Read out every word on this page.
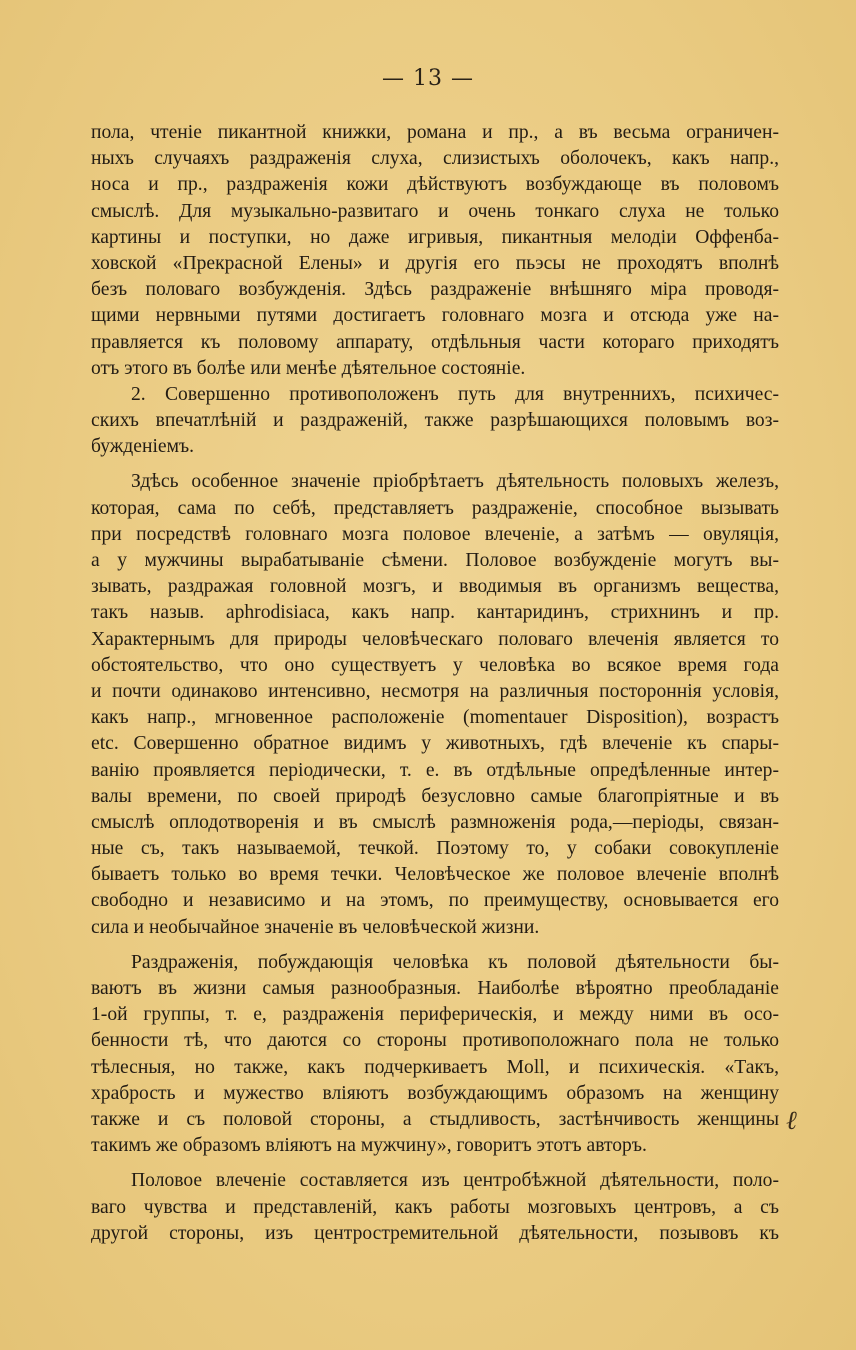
— 13 —
пола, чтеніе пикантной книжки, романа и пр., а въ весьма ограничен-
ныхъ случаяхъ раздраженія слуха, слизистыхъ оболочекъ, какъ напр.,
носа и пр., раздраженія кожи дѣйствуютъ возбуждающе въ половомъ
смыслѣ. Для музыкально-развитаго и очень тонкаго слуха не только
картины и поступки, но даже игривыя, пикантныя мелодіи Оффенба-
ховской «Прекрасной Елены» и другія его пьэсы не проходятъ вполнѣ
безъ половаго возбужденія. Здѣсь раздраженіе внѣшняго міра проводя-
щими нервными путями достигаетъ головнаго мозга и отсюда уже на-
правляется къ половому аппарату, отдѣльныя части котораго приходятъ
отъ этого въ болѣе или менѣе дѣятельное состояніе.
2. Совершенно противоположенъ путь для внутреннихъ, психичес-
скихъ впечатлѣній и раздраженій, также разрѣшающихся половымъ воз-
бужденіемъ.
Здѣсь особенное значеніе пріобрѣтаетъ дѣятельность половыхъ железъ,
которая, сама по себѣ, представляетъ раздраженіе, способное вызывать
при посредствѣ головнаго мозга половое влеченіе, а затѣмъ — овуляція,
а у мужчины вырабатываніе сѣмени. Половое возбужденіе могутъ вы-
зывать, раздражая головной мозгъ, и вводимыя въ организмъ вещества,
такъ назыв. aphrodisiaca, какъ напр. кантаридинъ, стрихнинъ и пр.
Характернымъ для природы человѣческаго половаго влеченія является то
обстоятельство, что оно существуетъ у человѣка во всякое время года
и почти одинаково интенсивно, несмотря на различныя постороннія условія,
какъ напр., мгновенное расположеніе (momentauer Disposition), возрастъ
etc. Совершенно обратное видимъ у животныхъ, гдѣ влеченіе къ спары-
ванію проявляется періодически, т. е. въ отдѣльные опредѣленные интер-
валы времени, по своей природѣ безусловно самые благопріятные и въ
смыслѣ оплодотворенія и въ смыслѣ размноженія рода,—періоды, связан-
ные съ, такъ называемой, течкой. Поэтому то, у собаки совокупленіе
бываетъ только во время течки. Человѣческое же половое влеченіе вполнѣ
свободно и независимо и на этомъ, по преимуществу, основывается его
сила и необычайное значеніе въ человѣческой жизни.
Раздраженія, побуждающія человѣка къ половой дѣятельности бы-
ваютъ въ жизни самыя разнообразныя. Наиболѣе вѣроятно преобладаніе
1-ой группы, т. е, раздраженія периферическія, и между ними въ осо-
бенности тѣ, что даются со стороны противоположнаго пола не только
тѣлесныя, но также, какъ подчеркиваетъ Moll, и психическія. «Такъ,
храбрость и мужество вліяютъ возбуждающимъ образомъ на женщину
также и съ половой стороны, а стыдливость, застѣнчивость женщины
такимъ же образомъ вліяютъ на мужчину», говоритъ этотъ авторъ.
Половое влеченіе составляется изъ центробѣжной дѣятельности, поло-
ваго чувства и представленій, какъ работы мозговыхъ центровъ, а съ
другой стороны, изъ центростремительной дѣятельности, позывовъ къ
ℓ
